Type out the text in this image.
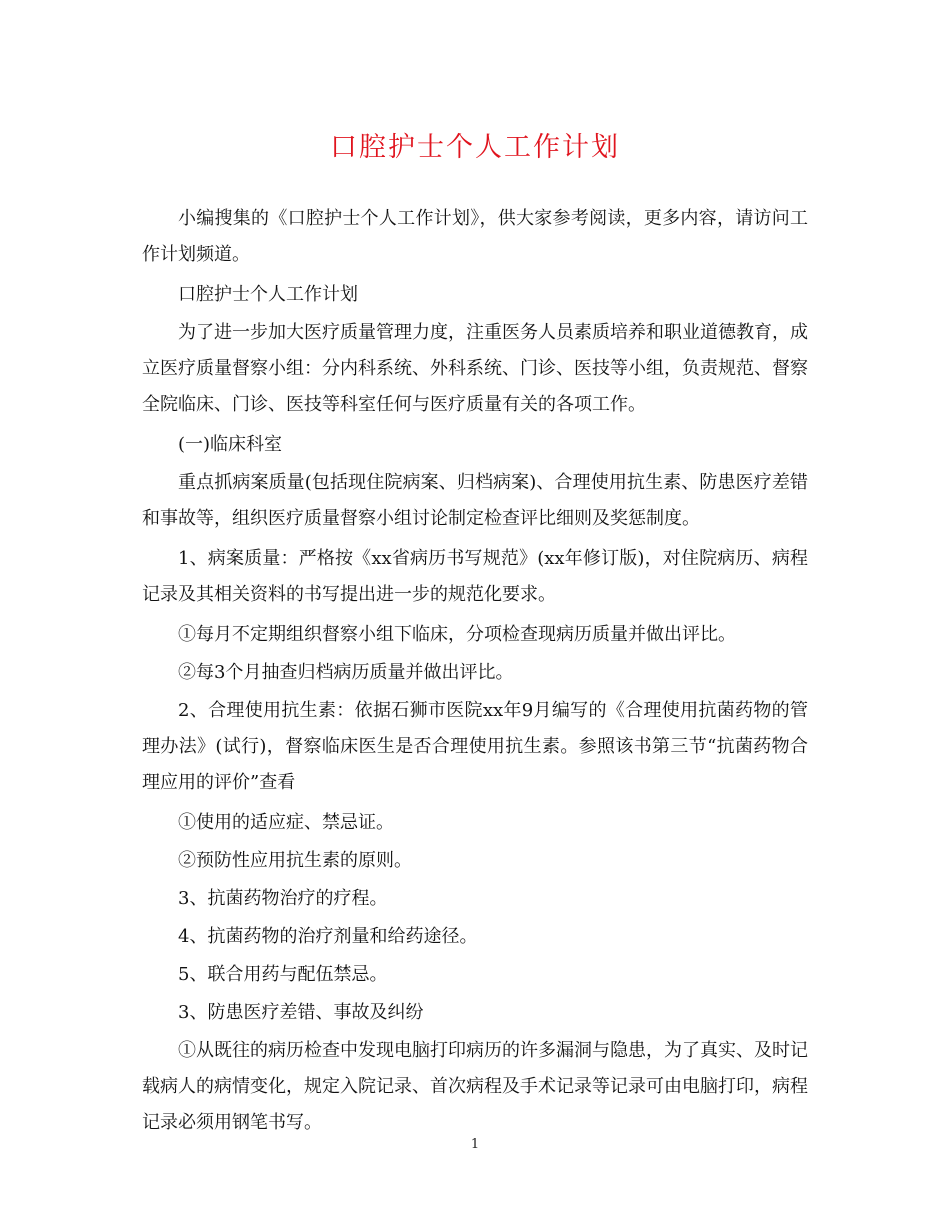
口腔护士个人工作计划

小编搜集的《口腔护士个人工作计划》，供大家参考阅读，更多内容，请访问工作计划频道。

口腔护士个人工作计划

为了进一步加大医疗质量管理力度，注重医务人员素质培养和职业道德教育，成立医疗质量督察小组：分内科系统、外科系统、门诊、医技等小组，负责规范、督察全院临床、门诊、医技等科室任何与医疗质量有关的各项工作。

(一)临床科室

重点抓病案质量(包括现住院病案、归档病案)、合理使用抗生素、防患医疗差错和事故等，组织医疗质量督察小组讨论制定检查评比细则及奖惩制度。

1、病案质量：严格按《xx省病历书写规范》(xx年修订版)，对住院病历、病程记录及其相关资料的书写提出进一步的规范化要求。

①每月不定期组织督察小组下临床，分项检查现病历质量并做出评比。

②每3个月抽查归档病历质量并做出评比。

2、合理使用抗生素：依据石狮市医院xx年9月编写的《合理使用抗菌药物的管理办法》(试行)，督察临床医生是否合理使用抗生素。参照该书第三节“抗菌药物合理应用的评价”查看

①使用的适应症、禁忌证。

②预防性应用抗生素的原则。

3、抗菌药物治疗的疗程。

4、抗菌药物的治疗剂量和给药途径。

5、联合用药与配伍禁忌。

3、防患医疗差错、事故及纠纷

①从既往的病历检查中发现电脑打印病历的许多漏洞与隐患，为了真实、及时记载病人的病情变化，规定入院记录、首次病程及手术记录等记录可由电脑打印，病程记录必须用钢笔书写。

1
